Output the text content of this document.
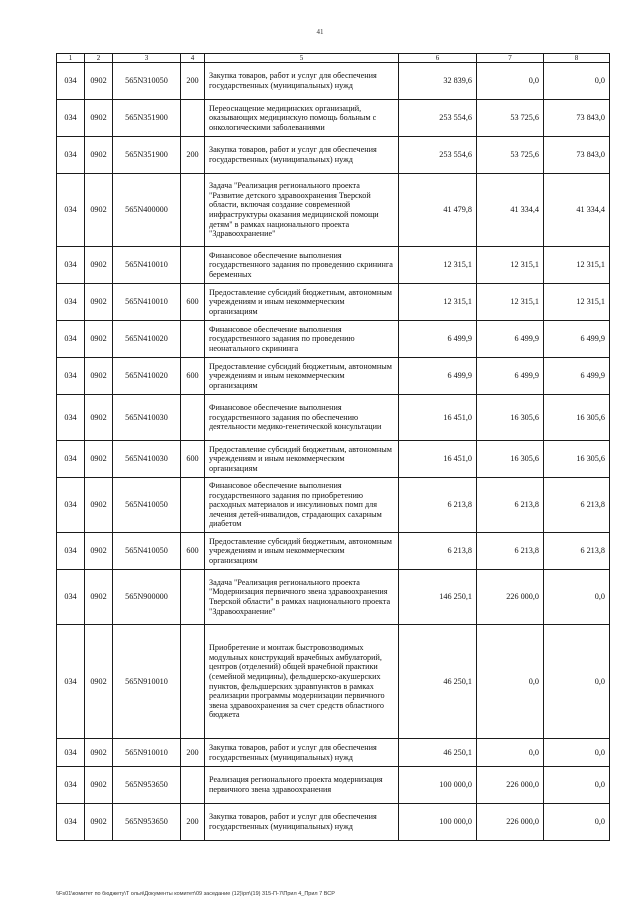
41
1	2	3	4	5	6	7	8
034	0902	565N310050	200	Закупка товаров, работ и услуг для обеспечения государственных (муниципальных) нужд	32 839,6	0,0	0,0
034	0902	565N351900		Переоснащение медицинских организаций, оказывающих медицинскую помощь больным с онкологическими заболеваниями	253 554,6	53 725,6	73 843,0
034	0902	565N351900	200	Закупка товаров, работ и услуг для обеспечения государственных (муниципальных) нужд	253 554,6	53 725,6	73 843,0
034	0902	565N400000		Задача "Реализация регионального проекта "Развитие детского здравоохранения Тверской области, включая создание современной инфраструктуры оказания медицинской помощи детям" в рамках национального проекта "Здравоохранение"	41 479,8	41 334,4	41 334,4
034	0902	565N410010		Финансовое обеспечение выполнения государственного задания по проведению скрининга беременных	12 315,1	12 315,1	12 315,1
034	0902	565N410010	600	Предоставление субсидий бюджетным, автономным учреждениям и иным некоммерческим организациям	12 315,1	12 315,1	12 315,1
034	0902	565N410020		Финансовое обеспечение выполнения государственного задания по проведению неонатального скрининга	6 499,9	6 499,9	6 499,9
034	0902	565N410020	600	Предоставление субсидий бюджетным, автономным учреждениям и иным некоммерческим организациям	6 499,9	6 499,9	6 499,9
034	0902	565N410030		Финансовое обеспечение выполнения государственного задания по обеспечению деятельности медико-генетической консультации	16 451,0	16 305,6	16 305,6
034	0902	565N410030	600	Предоставление субсидий бюджетным, автономным учреждениям и иным некоммерческим организациям	16 451,0	16 305,6	16 305,6
034	0902	565N410050		Финансовое обеспечение выполнения государственного задания по приобретению расходных материалов и инсулиновых помп для лечения детей-инвалидов, страдающих сахарным диабетом	6 213,8	6 213,8	6 213,8
034	0902	565N410050	600	Предоставление субсидий бюджетным, автономным учреждениям и иным некоммерческим организациям	6 213,8	6 213,8	6 213,8
034	0902	565N900000		Задача "Реализация регионального проекта "Модернизация первичного звена здравоохранения Тверской области" в рамках национального проекта "Здравоохранение"	146 250,1	226 000,0	0,0
034	0902	565N910010		Приобретение и монтаж быстровозводимых модульных конструкций врачебных амбулаторий, центров (отделений) общей врачебной практики (семейной медицины), фельдшерско-акушерских пунктов, фельдшерских здравпунктов в рамках реализации программы модернизации первичного звена здравоохранения за счет средств областного бюджета	46 250,1	0,0	0,0
034	0902	565N910010	200	Закупка товаров, работ и услуг для обеспечения государственных (муниципальных) нужд	46 250,1	0,0	0,0
034	0902	565N953650		Реализация регионального проекта модернизация первичного звена здравоохранения	100 000,0	226 000,0	0,0
034	0902	565N953650	200	Закупка товаров, работ и услуг для обеспечения государственных (муниципальных) нужд	100 000,0	226 000,0	0,0
\\Fs01\комитет по бюджету\Т олья\Документы комитет\09 заседание (12)\рп\(19) 315-П-7\Прил 4_Прил 7 ВСР
